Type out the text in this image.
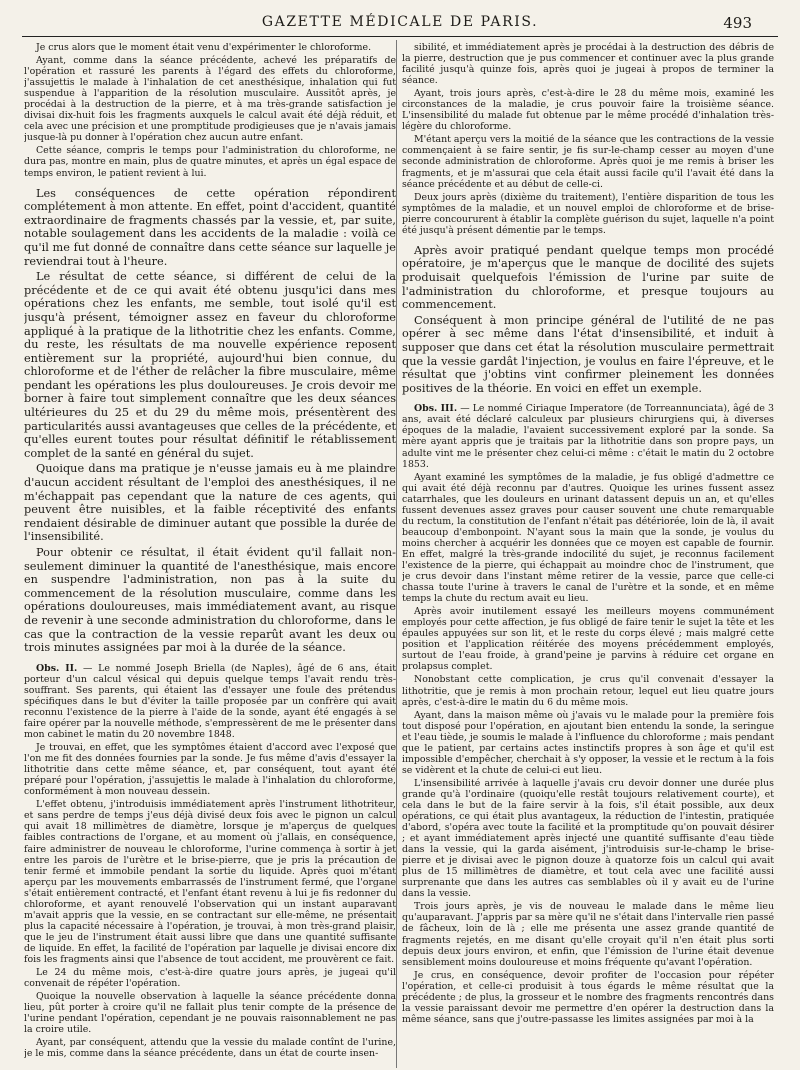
GAZETTE MÉDICALE DE PARIS.	493

Je crus alors que le moment était venu d'expérimenter le chloroforme.

Ayant, comme dans la séance précédente, achevé les préparatifs de l'opération et rassuré les parents à l'égard des effets du chloroforme, j'assujettis le malade à l'inhalation de cet anesthésique, inhalation qui fut suspendue à l'apparition de la résolution musculaire. Aussitôt après, je procédai à la destruction de la pierre, et à ma très-grande satisfaction je divisai dix-huit fois les fragments auxquels le calcul avait été déjà réduit, et cela avec une précision et une promptitude prodigieuses que je n'avais jamais jusque-là pu donner à l'opération chez aucun autre enfant.

Cette séance, compris le temps pour l'administration du chloroforme, ne dura pas, montre en main, plus de quatre minutes, et après un égal espace de temps environ, le patient revient à lui.

Les conséquences de cette opération répondirent complétement à mon attente. En effet, point d'accident, quantité extraordinaire de fragments chassés par la vessie, et, par suite, notable soulagement dans les accidents de la maladie : voilà ce qu'il me fut donné de connaître dans cette séance sur laquelle je reviendrai tout à l'heure.

Le résultat de cette séance, si différent de celui de la précédente et de ce qui avait été obtenu jusqu'ici dans mes opérations chez les enfants, me semble, tout isolé qu'il est jusqu'à présent, témoigner assez en faveur du chloroforme appliqué à la pratique de la lithotritie chez les enfants. Comme, du reste, les résultats de ma nouvelle expérience reposent entièrement sur la propriété, aujourd'hui bien connue, du chloroforme et de l'éther de relâcher la fibre musculaire, même pendant les opérations les plus douloureuses. Je crois devoir me borner à faire tout simplement connaître que les deux séances ultérieures du 25 et du 29 du même mois, présentèrent des particularités aussi avantageuses que celles de la précédente, et qu'elles eurent toutes pour résultat définitif le rétablissement complet de la santé en général du sujet.

Quoique dans ma pratique je n'eusse jamais eu à me plaindre d'aucun accident résultant de l'emploi des anesthésiques, il ne m'échappait pas cependant que la nature de ces agents, qui peuvent être nuisibles, et la faible réceptivité des enfants rendaient désirable de diminuer autant que possible la durée de l'insensibilité.

Pour obtenir ce résultat, il était évident qu'il fallait non-seulement diminuer la quantité de l'anesthésique, mais encore en suspendre l'administration, non pas à la suite du commencement de la résolution musculaire, comme dans les opérations douloureuses, mais immédiatement avant, au risque de revenir à une seconde administration du chloroforme, dans le cas que la contraction de la vessie reparût avant les deux ou trois minutes assignées par moi à la durée de la séance.

Obs. II. — Le nommé Joseph Briella (de Naples), âgé de 6 ans, était porteur d'un calcul vésical qui depuis quelque temps l'avait rendu très-souffrant. Ses parents, qui étaient las d'essayer une foule des prétendus spécifiques dans le but d'éviter la taille proposée par un confrère qui avait reconnu l'existence de la pierre à l'aide de la sonde, ayant été engagés à se faire opérer par la nouvelle méthode, s'empressèrent de me le présenter dans mon cabinet le matin du 20 novembre 1848.

Je trouvai, en effet, que les symptômes étaient d'accord avec l'exposé que l'on me fit des données fournies par la sonde. Je fus même d'avis d'essayer la lithotritie dans cette même séance, et, par conséquent, tout ayant été préparé pour l'opération, j'assujettis le malade à l'inhalation du chloroforme, conformément à mon nouveau dessein.

L'effet obtenu, j'introduisis immédiatement après l'instrument lithotriteur, et sans perdre de temps j'eus déjà divisé deux fois avec le pignon un calcul qui avait 18 millimètres de diamètre, lorsque je m'aperçus de quelques faibles contractions de l'organe, et au moment où j'allais, en conséquence, faire administrer de nouveau le chloroforme, l'urine commença à sortir à jet entre les parois de l'urètre et le brise-pierre, que je pris la précaution de tenir fermé et immobile pendant la sortie du liquide. Après quoi m'étant aperçu par les mouvements embarrassés de l'instrument fermé, que l'organe s'était entièrement contracté, et l'enfant étant revenu à lui je fis redonner du chloroforme, et ayant renouvelé l'observation qui un instant auparavant m'avait appris que la vessie, en se contractant sur elle-même, ne présentait plus la capacité nécessaire à l'opération, je trouvai, à mon très-grand plaisir, que le jeu de l'instrument était aussi libre que dans une quantité suffisante de liquide. En effet, la facilité de l'opération par laquelle je divisai encore dix fois les fragments ainsi que l'absence de tout accident, me prouvèrent ce fait.

Le 24 du même mois, c'est-à-dire quatre jours après, je jugeai qu'il convenait de répéter l'opération.

Quoique la nouvelle observation à laquelle la séance précédente donna lieu, pût porter à croire qu'il ne fallait plus tenir compte de la présence de l'urine pendant l'opération, cependant je ne pouvais raisonnablement ne pas la croire utile.

Ayant, par conséquent, attendu que la vessie du malade contînt de l'urine, je le mis, comme dans la séance précédente, dans un état de courte insen-

sibilité, et immédiatement après je procédai à la destruction des débris de la pierre, destruction que je pus commencer et continuer avec la plus grande facilité jusqu'à quinze fois, après quoi je jugeai à propos de terminer la séance.

Ayant, trois jours après, c'est-à-dire le 28 du même mois, examiné les circonstances de la maladie, je crus pouvoir faire la troisième séance. L'insensibilité du malade fut obtenue par le même procédé d'inhalation très-légère du chloroforme.

M'étant aperçu vers la moitié de la séance que les contractions de la vessie commençaient à se faire sentir, je fis sur-le-champ cesser au moyen d'une seconde administration de chloroforme. Après quoi je me remis à briser les fragments, et je m'assurai que cela était aussi facile qu'il l'avait été dans la séance précédente et au début de celle-ci.

Deux jours après (dixième du traitement), l'entière disparition de tous les symptômes de la maladie, et un nouvel emploi de chloroforme et de brise-pierre concoururent à établir la complète guérison du sujet, laquelle n'a point été jusqu'à présent démentie par le temps.

Après avoir pratiqué pendant quelque temps mon procédé opératoire, je m'aperçus que le manque de docilité des sujets produisait quelquefois l'émission de l'urine par suite de l'administration du chloroforme, et presque toujours au commencement.

Conséquent à mon principe général de l'utilité de ne pas opérer à sec même dans l'état d'insensibilité, et induit à supposer que dans cet état la résolution musculaire permettrait que la vessie gardât l'injection, je voulus en faire l'épreuve, et le résultat que j'obtins vint confirmer pleinement les données positives de la théorie. En voici en effet un exemple.

Obs. III. — Le nommé Ciriaque Imperatore (de Torreannunciata), âgé de 3 ans, avait été déclaré calculeux par plusieurs chirurgiens qui, à diverses époques de la maladie, l'avaient successivement exploré par la sonde. Sa mère ayant appris que je traitais par la lithotritie dans son propre pays, un adulte vint me le présenter chez celui-ci même : c'était le matin du 2 octobre 1853.

Ayant examiné les symptômes de la maladie, je fus obligé d'admettre ce qui avait été déjà reconnu par d'autres. Quoique les urines fussent assez catarrhales, que les douleurs en urinant datassent depuis un an, et qu'elles fussent devenues assez graves pour causer souvent une chute remarquable du rectum, la constitution de l'enfant n'était pas détériorée, loin de là, il avait beaucoup d'embonpoint. N'ayant sous la main que la sonde, je voulus du moins chercher à acquérir les données que ce moyen est capable de fournir. En effet, malgré la très-grande indocilité du sujet, je reconnus facilement l'existence de la pierre, qui échappait au moindre choc de l'instrument, que je crus devoir dans l'instant même retirer de la vessie, parce que celle-ci chassa toute l'urine à travers le canal de l'urètre et la sonde, et en même temps la chute du rectum avait eu lieu.

Après avoir inutilement essayé les meilleurs moyens communément employés pour cette affection, je fus obligé de faire tenir le sujet la tête et les épaules appuyées sur son lit, et le reste du corps élevé ; mais malgré cette position et l'application réitérée des moyens précédemment employés, surtout de l'eau froide, à grand'peine je parvins à réduire cet organe en prolapsus complet.

Nonobstant cette complication, je crus qu'il convenait d'essayer la lithotritie, que je remis à mon prochain retour, lequel eut lieu quatre jours après, c'est-à-dire le matin du 6 du même mois.

Ayant, dans la maison même où j'avais vu le malade pour la première fois tout disposé pour l'opération, en ajoutant bien entendu la sonde, la seringue et l'eau tiède, je soumis le malade à l'influence du chloroforme ; mais pendant que le patient, par certains actes instinctifs propres à son âge et qu'il est impossible d'empêcher, cherchait à s'y opposer, la vessie et le rectum à la fois se vidèrent et la chute de celui-ci eut lieu.

L'insensibilité arrivée à laquelle j'avais cru devoir donner une durée plus grande qu'à l'ordinaire (quoiqu'elle restât toujours relativement courte), et cela dans le but de la faire servir à la fois, s'il était possible, aux deux opérations, ce qui était plus avantageux, la réduction de l'intestin, pratiquée d'abord, s'opéra avec toute la facilité et la promptitude qu'on pouvait désirer ; et ayant immédiatement après injecté une quantité suffisante d'eau tiède dans la vessie, qui la garda aisément, j'introduisis sur-le-champ le brise-pierre et je divisai avec le pignon douze à quatorze fois un calcul qui avait plus de 15 millimètres de diamètre, et tout cela avec une facilité aussi surprenante que dans les autres cas semblables où il y avait eu de l'urine dans la vessie.

Trois jours après, je vis de nouveau le malade dans le même lieu qu'auparavant. J'appris par sa mère qu'il ne s'était dans l'intervalle rien passé de fâcheux, loin de là ; elle me présenta une assez grande quantité de fragments rejetés, en me disant qu'elle croyait qu'il n'en était plus sorti depuis deux jours environ, et enfin, que l'émission de l'urine était devenue sensiblement moins douloureuse et moins fréquente qu'avant l'opération.

Je crus, en conséquence, devoir profiter de l'occasion pour répéter l'opération, et celle-ci produisit à tous égards le même résultat que la précédente ; de plus, la grosseur et le nombre des fragments rencontrés dans la vessie paraissant devoir me permettre d'en opérer la destruction dans la même séance, sans que j'outre-passasse les limites assignées par moi à la
